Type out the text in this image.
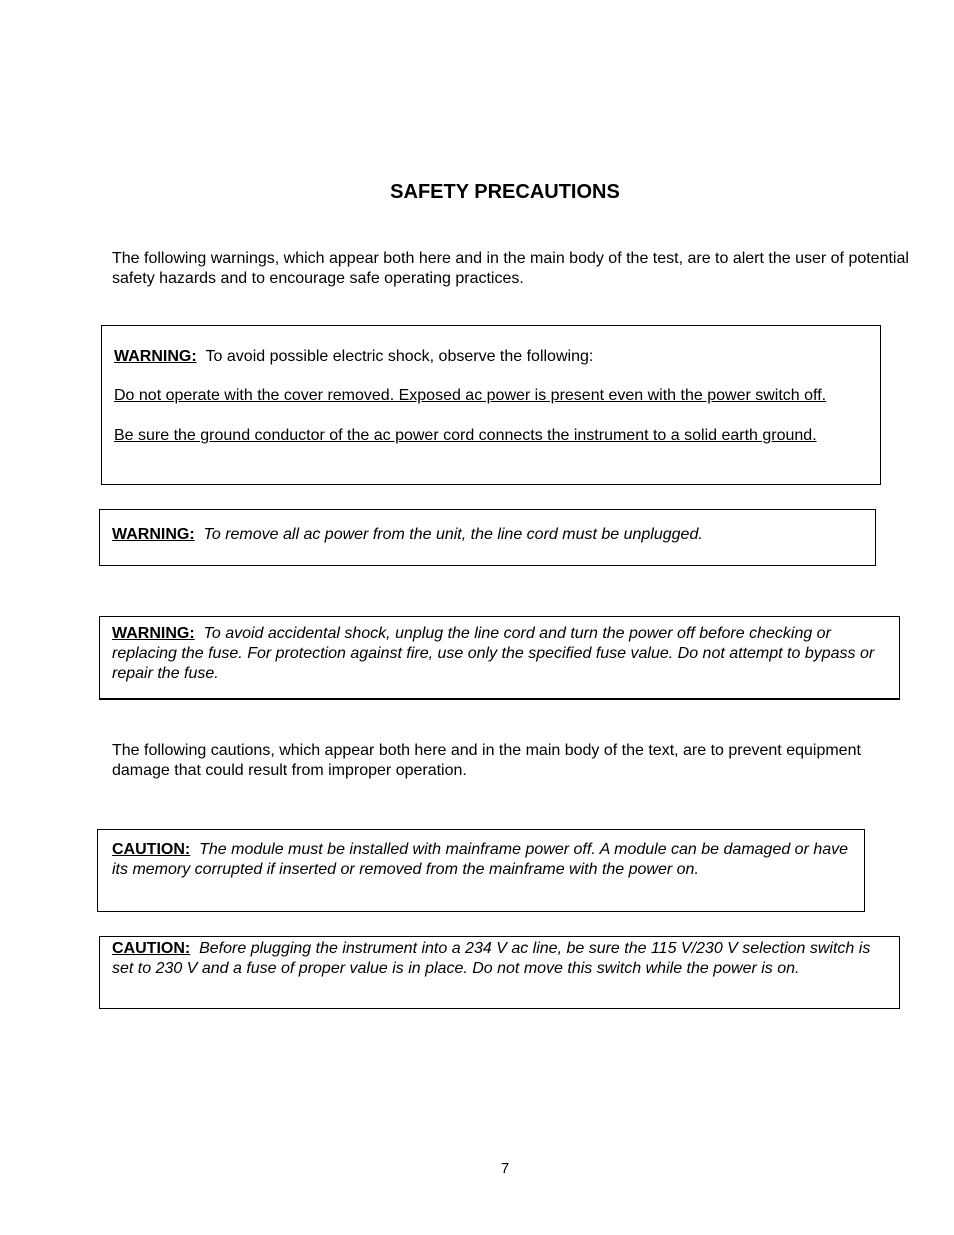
SAFETY PRECAUTIONS

The following warnings, which appear both here and in the main body of the test, are to alert the user of potential safety hazards and to encourage safe operating practices.

WARNING: To avoid possible electric shock, observe the following:

Do not operate with the cover removed. Exposed ac power is present even with the power switch off.

Be sure the ground conductor of the ac power cord connects the instrument to a solid earth ground.

WARNING: To remove all ac power from the unit, the line cord must be unplugged.

WARNING: To avoid accidental shock, unplug the line cord and turn the power off before checking or replacing the fuse. For protection against fire, use only the specified fuse value. Do not attempt to bypass or repair the fuse.

The following cautions, which appear both here and in the main body of the text, are to prevent equipment damage that could result from improper operation.

CAUTION: The module must be installed with mainframe power off. A module can be damaged or have its memory corrupted if inserted or removed from the mainframe with the power on.

CAUTION: Before plugging the instrument into a 234 V ac line, be sure the 115 V/230 V selection switch is set to 230 V and a fuse of proper value is in place. Do not move this switch while the power is on.

7
